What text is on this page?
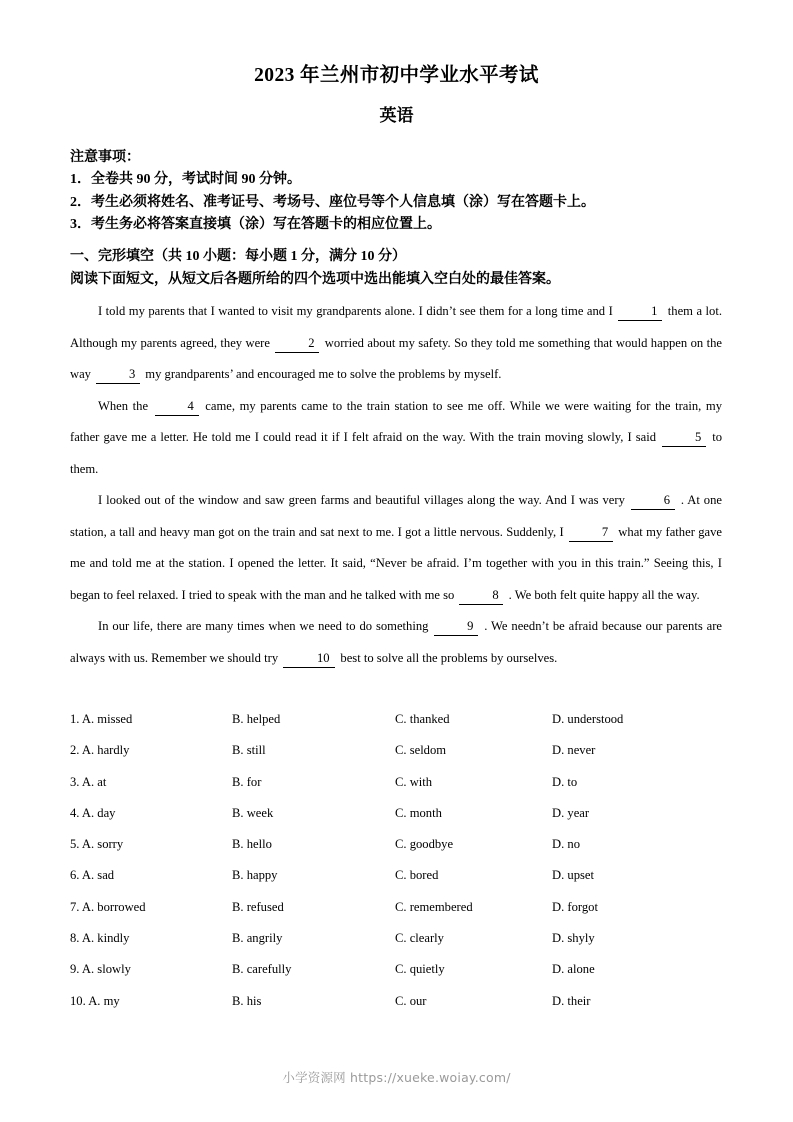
2023 年兰州市初中学业水平考试
英语
注意事项：
1．全卷共 90 分，考试时间 90 分钟。
2．考生必须将姓名、准考证号、考场号、座位号等个人信息填（涂）写在答题卡上。
3．考生务必将答案直接填（涂）写在答题卡的相应位置上。
一、完形填空（共 10 小题：每小题 1 分，满分 10 分）
阅读下面短文，从短文后各题所给的四个选项中选出能填入空白处的最佳答案。

I told my parents that I wanted to visit my grandparents alone. I didn’t see them for a long time and I	1 them a lot. Although my parents agreed, they were	2 worried about my safety. So they told me something that would happen on the way	3 my grandparents’ and encouraged me to solve the problems by myself.

When the	4 came, my parents came to the train station to see me off. While we were waiting for the train, my father gave me a letter. He told me I could read it if I felt afraid on the way. With the train moving slowly, I said	5 to them.

I looked out of the window and saw green farms and beautiful villages along the way. And I was very	6 . At one station, a tall and heavy man got on the train and sat next to me. I got a little nervous. Suddenly, I	7 what my father gave me and told me at the station. I opened the letter. It said, “Never be afraid. I’m together with you in this train.” Seeing this, I began to feel relaxed. I tried to speak with the man and he talked with me so	8 . We both felt quite happy all the way.

In our life, there are many times when we need to do something	9 . We needn’t be afraid because our parents are always with us. Remember we should try	10 best to solve all the problems by ourselves.

1. A. missed	B. helped	C. thanked	D. understood
2. A. hardly	B. still	C. seldom	D. never
3. A. at	B. for	C. with	D. to
4. A. day	B. week	C. month	D. year
5. A. sorry	B. hello	C. goodbye	D. no
6. A. sad	B. happy	C. bored	D. upset
7. A. borrowed	B. refused	C. remembered	D. forgot
8. A. kindly	B. angrily	C. clearly	D. shyly
9. A. slowly	B. carefully	C. quietly	D. alone
10. A. my	B. his	C. our	D. their
小学资源网 https://xueke.woiay.com/
